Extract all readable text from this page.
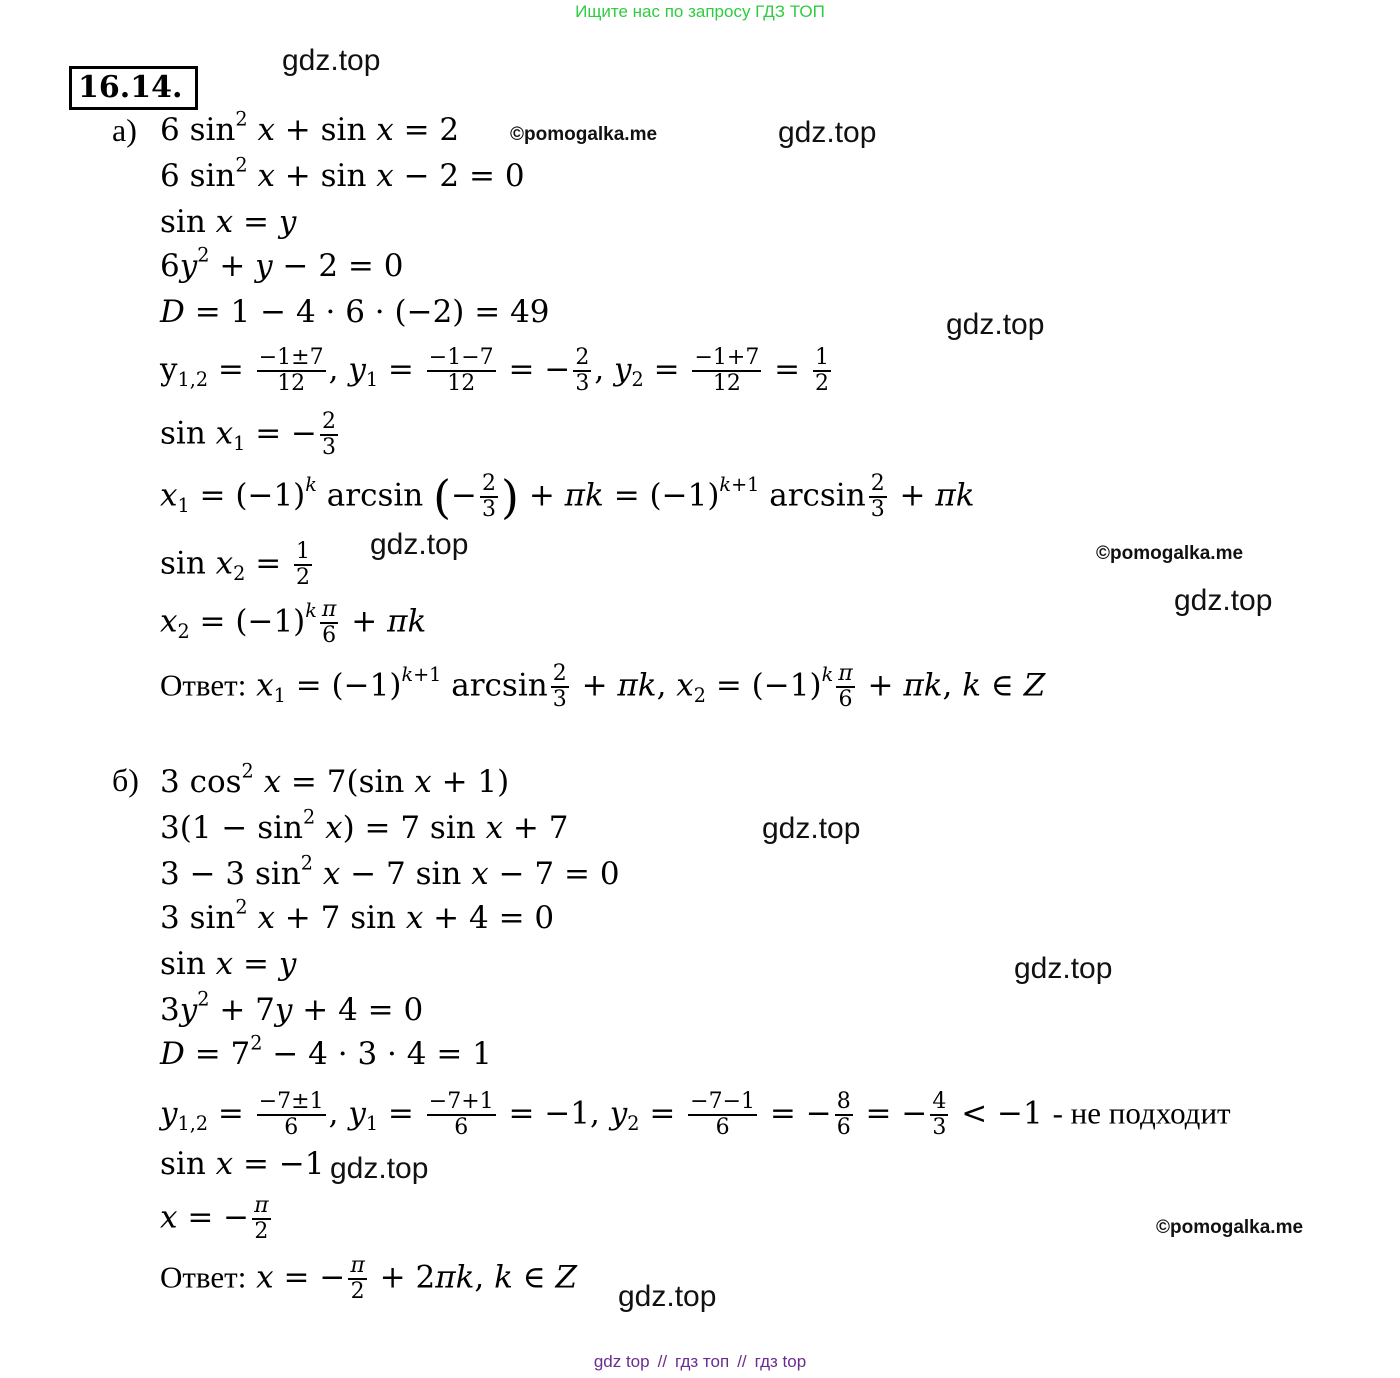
Ищите нас по запросу ГДЗ ТОП
16.14.
gdz.top
©pomogalka.me	gdz.top
gdz.top
gdz.top	©pomogalka.me
gdz.top
gdz.top
gdz.top
gdz.top
©pomogalka.me
gdz.top
а) 6 $\sin^2 x + \sin x = 2$
6 $\sin^2 x + \sin x - 2 = 0$
sin x = y
$6y^2 + y - 2 = 0$
D = 1 − 4 · 6 · (−2) = 49
$y_{1,2} = \frac{-1\pm 7}{12}$ , $y_1 = \frac{-1-7}{12}$ = − $\frac{2}{3}$ , $y_2 = \frac{-1+7}{12} = \frac{1}{2}$
$\sin x_1$ = − $\frac{2}{3}$
$x_1 = (-1)^k$ arcsin (− $\frac{2}{3}$ ) + $\pi k = (-1)^{k+1}$ $\arcsin \frac{2}{3} + \pi k$
$\sin x_2 = \frac{1}{2}$
$x_2 = (-1)^k \frac{\pi}{6} + \pi k$
Ответ: $x_1 = (-1)^{k+1}$ $\arcsin \frac{2}{3} + \pi k$, $x_2 = (-1)^k \frac{\pi}{6} + \pi k$, k ∈ Z
б) 3 $\cos^2 x = 7(\sin$ x + 1)
$3(1 - \sin^2 x) = 7$ sin x + 7
3 − 3 $\sin^2 x - 7$ sin x − 7 = 0
3 $\sin^2 x + 7$ sin x + 4 = 0
sin x = y
$3y^2 + 7y + 4 = 0$
$D = 7^2 - 4 \cdot 3 \cdot 4 = 1$
$y_{1,2} = \frac{-7\pm 1}{6}$ , $y_1 = \frac{-7+1}{6} = -1$, $y_2 = \frac{-7-1}{6}$ = − $\frac{8}{6}$ = − $\frac{4}{3} < -1$ - не подходит
sin x = −1
x = − $\frac{\pi}{2}$
Ответ: x = − $\frac{\pi}{2} + 2\pi k$, k ∈ Z
gdz top // гдз топ // гдз top
